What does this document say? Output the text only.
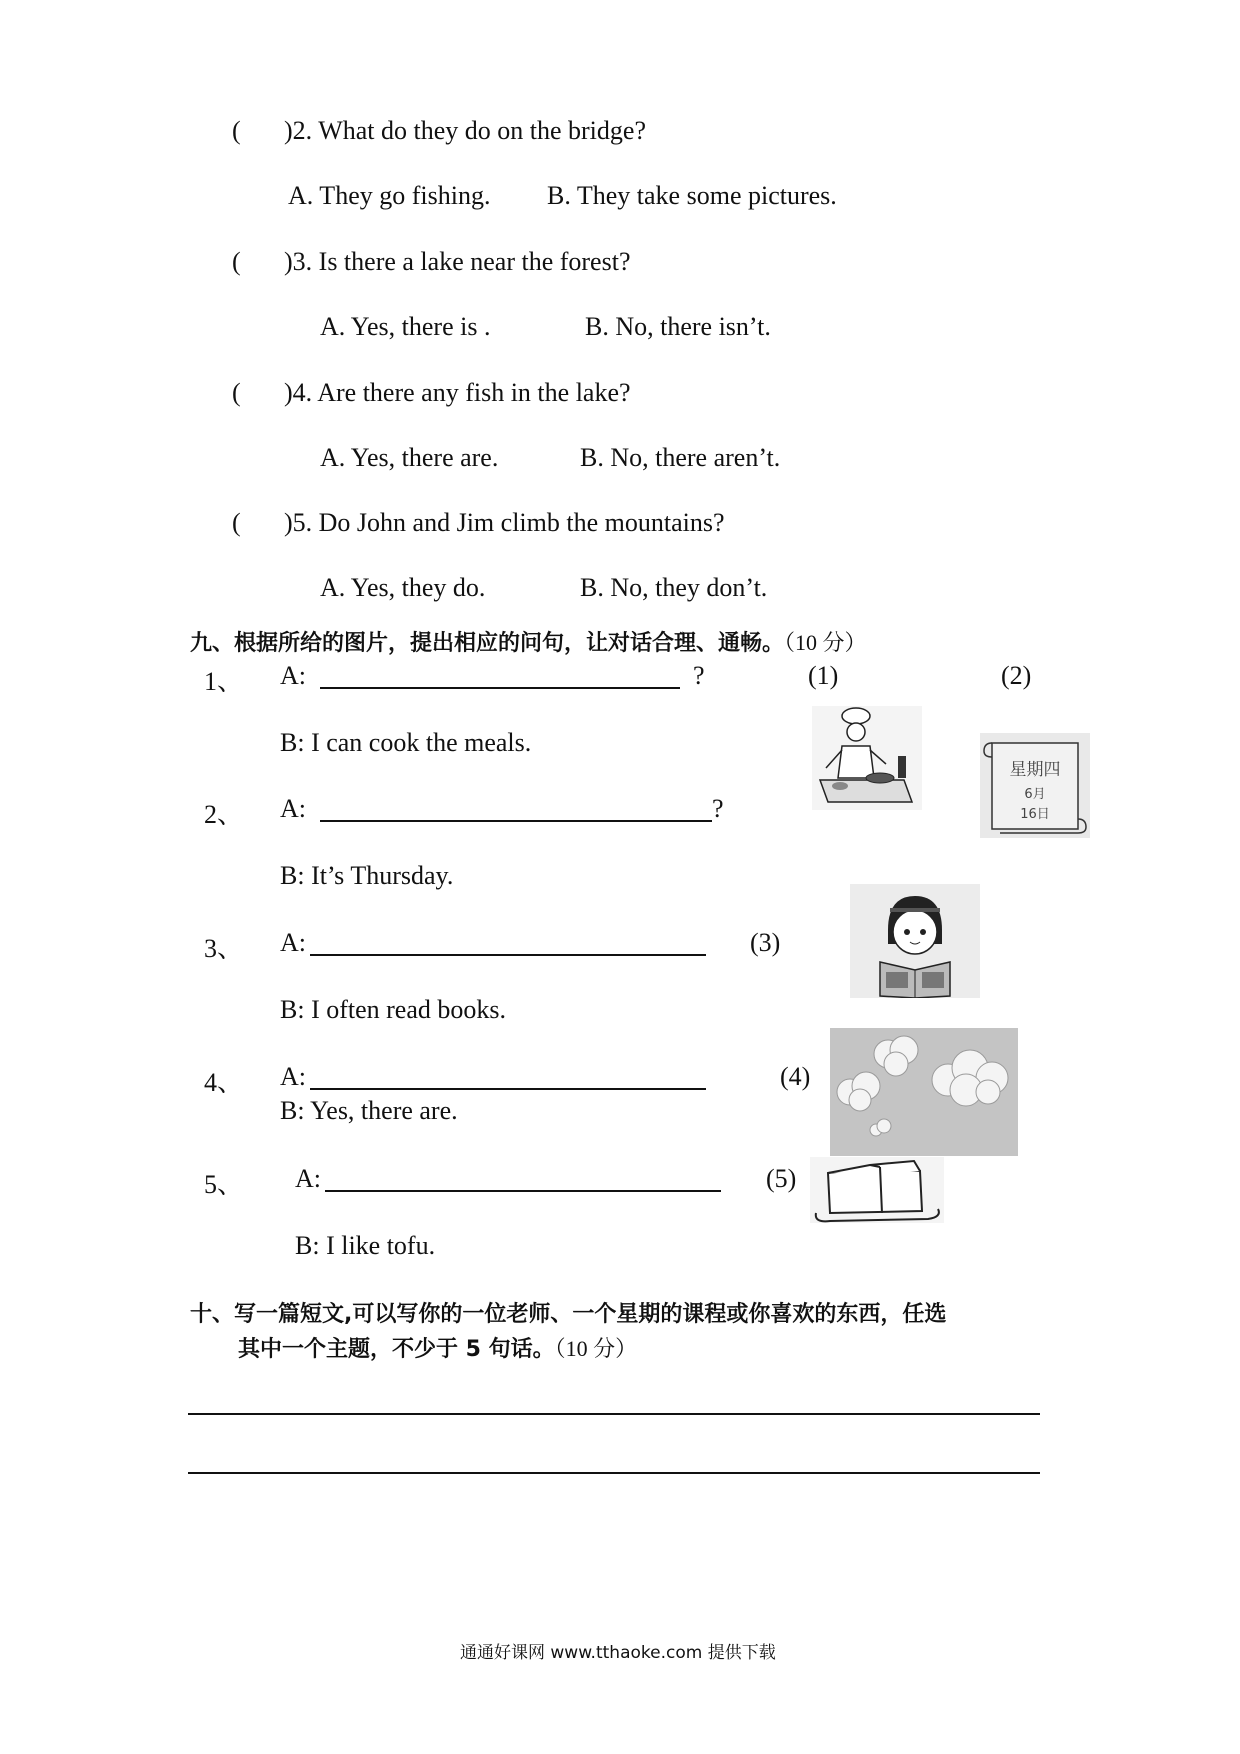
( )2. What do they do on the bridge?
A. They go fishing. B. They take some pictures.
( )3. Is there a lake near the forest?
A. Yes, there is .	B. No, there isn’t.
( )4. Are there any fish in the lake?
A. Yes, there are.	B. No, there aren’t.
( )5. Do John and Jim climb the mountains?
A. Yes, they do.	B. No, they don’t.
九、根据所给的图片，提出相应的问句，让对话合理、通畅。（10 分）
1、 A:	?
B: I can cook the meals.
2、 A:	?
B: It’s Thursday.
3、 A:
B: I often read books.
4、 A:
B: Yes, there are.
5、 A:
B: I like tofu.
(1)	(2)
(3)
(4)
(5)
星期四
6月
16日
十、写一篇短文,可以写你的一位老师、一个星期的课程或你喜欢的东西，任选
其中一个主题，不少于 5 句话。（10 分）
通通好课网 www.tthaoke.com 提供下载
